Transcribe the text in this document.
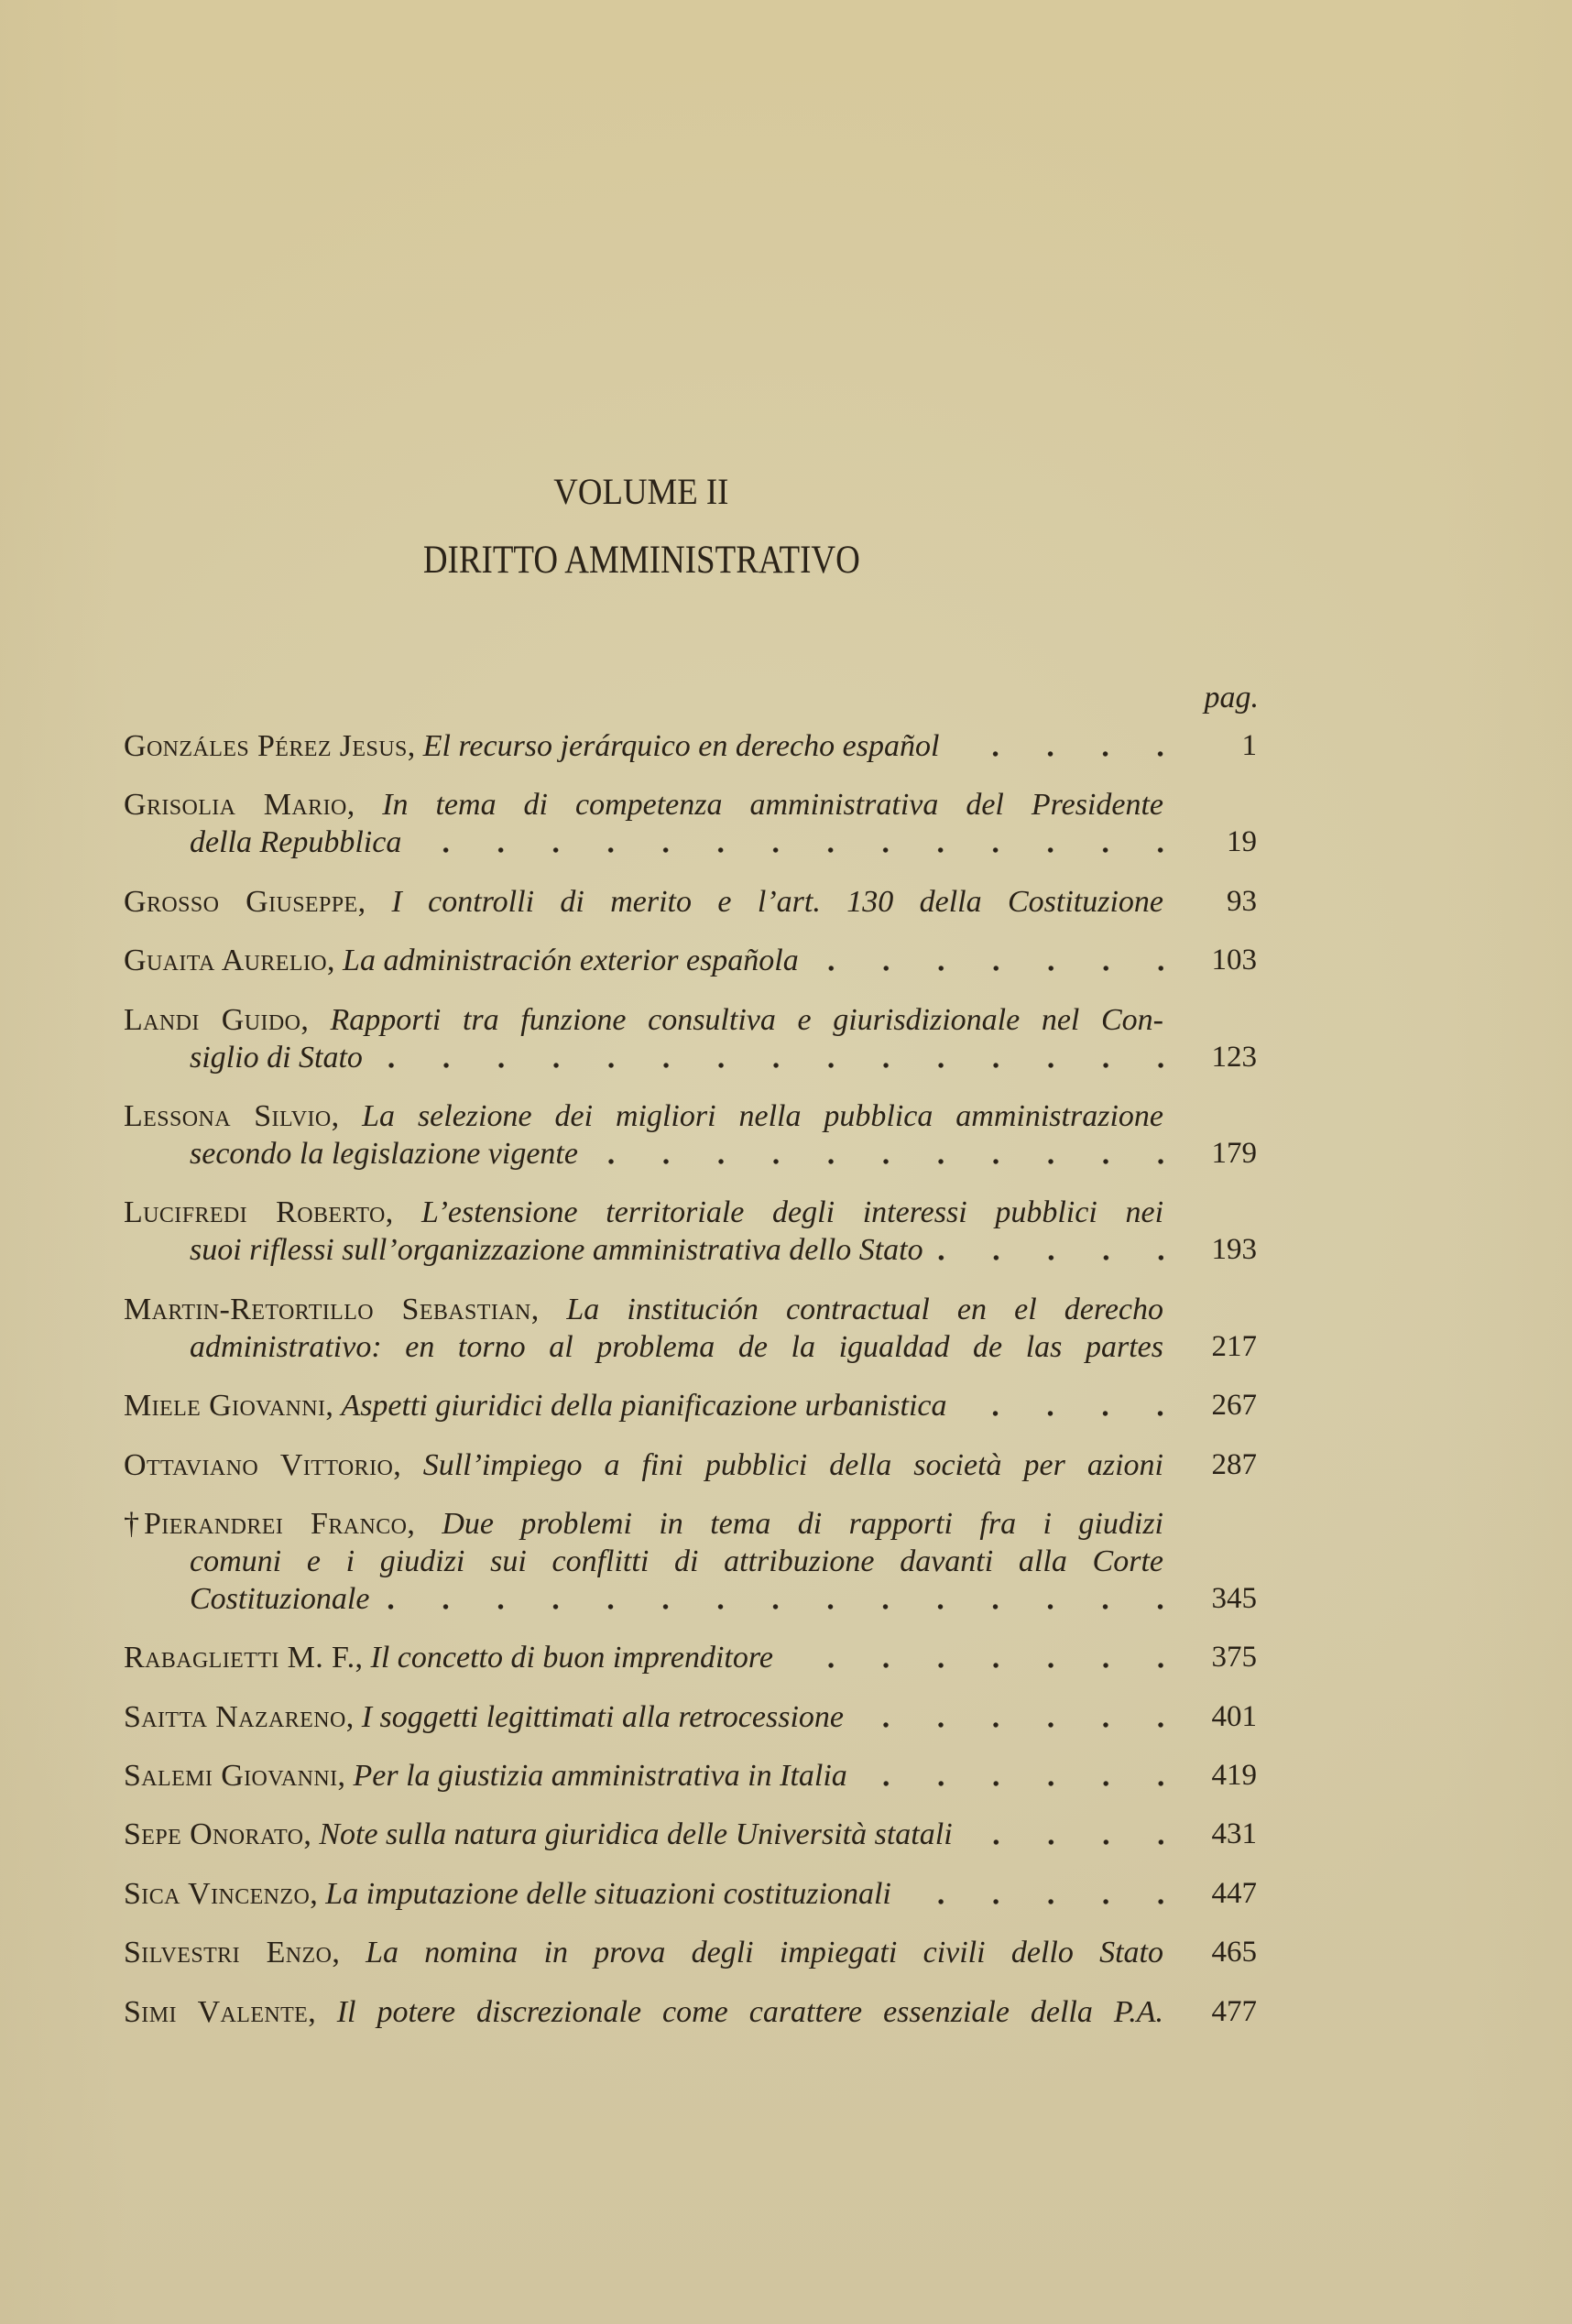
VOLUME II
DIRITTO AMMINISTRATIVO
pag.
Gonzáles Pérez Jesus, El recurso jerárquico en derecho español	1
Grisolia Mario, In tema di competenza amministrativa del Presidente
della Repubblica	19
Grosso Giuseppe, I controlli di merito e l’art. 130 della Costituzione	93
Guaita Aurelio, La administración exterior española	103
Landi Guido, Rapporti tra funzione consultiva e giurisdizionale nel Con-
siglio di Stato	123
Lessona Silvio, La selezione dei migliori nella pubblica amministrazione
secondo la legislazione vigente	179
Lucifredi Roberto, L’estensione territoriale degli interessi pubblici nei
suoi riflessi sull’organizzazione amministrativa dello Stato	193
Martin-Retortillo Sebastian, La institución contractual en el derecho
administrativo: en torno al problema de la igualdad de las partes	217
Miele Giovanni, Aspetti giuridici della pianificazione urbanistica	267
Ottaviano Vittorio, Sull’impiego a fini pubblici della società per azioni	287
† Pierandrei Franco, Due problemi in tema di rapporti fra i giudizi
comuni e i giudizi sui conflitti di attribuzione davanti alla Corte
Costituzionale	345
Rabaglietti M. F., Il concetto di buon imprenditore	375
Saitta Nazareno, I soggetti legittimati alla retrocessione	401
Salemi Giovanni, Per la giustizia amministrativa in Italia	419
Sepe Onorato, Note sulla natura giuridica delle Università statali	431
Sica Vincenzo, La imputazione delle situazioni costituzionali	447
Silvestri Enzo, La nomina in prova degli impiegati civili dello Stato	465
Simi Valente, Il potere discrezionale come carattere essenziale della P.A.	477
